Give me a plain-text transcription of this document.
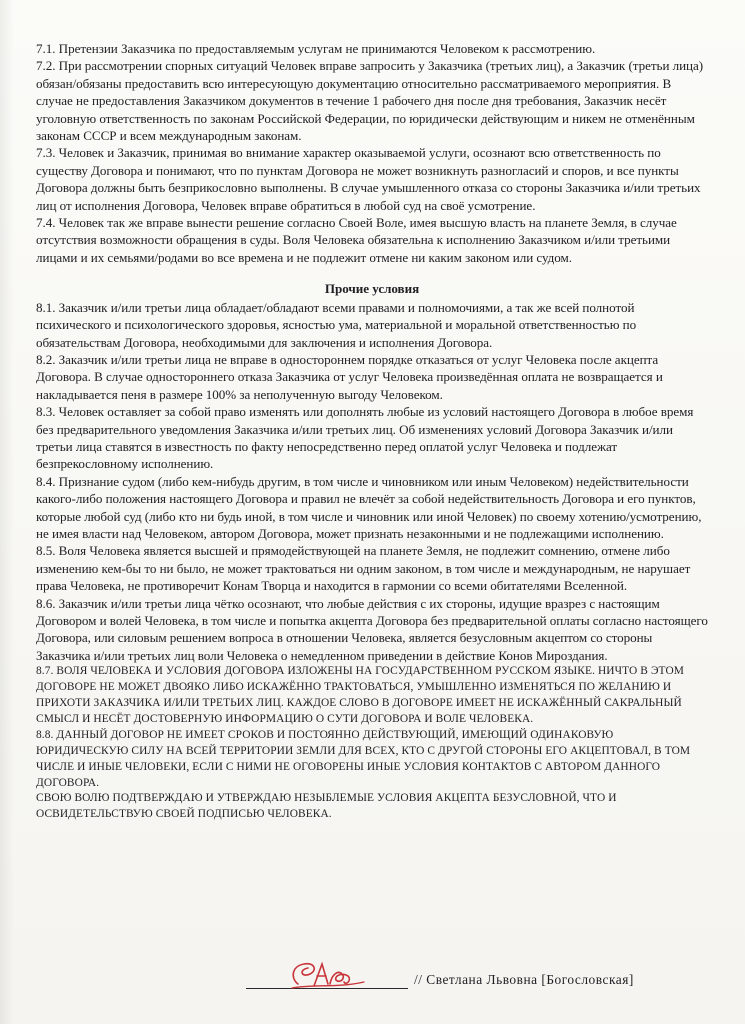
7.1. Претензии Заказчика по предоставляемым услугам не принимаются Человеком к рассмотрению.

7.2. При рассмотрении спорных ситуаций Человек вправе запросить у Заказчика (третьих лиц), а Заказчик (третьи лица) обязан/обязаны предоставить всю интересующую документацию относительно рассматриваемого мероприятия. В случае не предоставления Заказчиком документов в течение 1 рабочего дня после дня требования, Заказчик несёт уголовную ответственность по законам Российской Федерации, по юридически действующим и никем не отменённым законам СССР и всем международным законам.

7.3. Человек и Заказчик, принимая во внимание характер оказываемой услуги, осознают всю ответственность по существу Договора и понимают, что по пунктам Договора не может возникнуть разногласий и споров, и все пункты Договора должны быть безприкословно выполнены. В случае умышленного отказа со стороны Заказчика и/или третьих лиц от исполнения Договора, Человек вправе обратиться в любой суд на своё усмотрение.

7.4. Человек так же вправе вынести решение согласно Своей Воле, имея высшую власть на планете Земля, в случае отсутствия возможности обращения в суды. Воля Человека обязательна к исполнению Заказчиком и/или третьими лицами и их семьями/родами во все времена и не подлежит отмене ни каким законом или судом.

Прочие условия

8.1. Заказчик и/или третьи лица обладает/обладают всеми правами и полномочиями, а так же всей полнотой психического и психологического здоровья, ясностью ума, материальной и моральной ответственностью по обязательствам Договора, необходимыми для заключения и исполнения Договора.

8.2. Заказчик и/или третьи лица не вправе в одностороннем порядке отказаться от услуг Человека после акцепта Договора. В случае одностороннего отказа Заказчика от услуг Человека произведённая оплата не возвращается и накладывается пеня в размере 100% за неполученную выгоду Человеком.

8.3. Человек оставляет за собой право изменять или дополнять любые из условий настоящего Договора в любое время без предварительного уведомления Заказчика и/или третьих лиц. Об изменениях условий Договора Заказчик и/или третьи лица ставятся в известность по факту непосредственно перед оплатой услуг Человека и подлежат безпрекословному исполнению.

8.4. Признание судом (либо кем-нибудь другим, в том числе и чиновником или иным Человеком) недействительности какого-либо положения настоящего Договора и правил не влечёт за собой недействительность Договора и его пунктов, которые любой суд (либо кто ни будь иной, в том числе и чиновник или иной Человек) по своему хотению/усмотрению, не имея власти над Человеком, автором Договора, может признать незаконными и не подлежащими исполнению.

8.5. Воля Человека является высшей и прямодействующей на планете Земля, не подлежит сомнению, отмене либо изменению кем-бы то ни было, не может трактоваться ни одним законом, в том числе и международным, не нарушает права Человека, не противоречит Конам Творца и находится в гармонии со всеми обитателями Вселенной.

8.6. Заказчик и/или третьи лица чётко осознают, что любые действия с их стороны, идущие вразрез с настоящим Договором и волей Человека, в том числе и попытка акцепта Договора без предварительной оплаты согласно настоящего Договора, или силовым решением вопроса в отношении Человека, является безусловным акцептом со стороны Заказчика и/или третьих лиц воли Человека о немедленном приведении в действие Конов Мироздания.

8.7. ВОЛЯ ЧЕЛОВЕКА И УСЛОВИЯ ДОГОВОРА ИЗЛОЖЕНЫ НА ГОСУДАРСТВЕННОМ РУССКОМ ЯЗЫКЕ. НИЧТО В ЭТОМ ДОГОВОРЕ НЕ МОЖЕТ ДВОЯКО ЛИБО ИСКАЖЁННО ТРАКТОВАТЬСЯ, УМЫШЛЕННО ИЗМЕНЯТЬСЯ ПО ЖЕЛАНИЮ И ПРИХОТИ ЗАКАЗЧИКА И/ИЛИ ТРЕТЬИХ ЛИЦ. КАЖДОЕ СЛОВО В ДОГОВОРЕ ИМЕЕТ НЕ ИСКАЖЁННЫЙ САКРАЛЬНЫЙ СМЫСЛ И НЕСЁТ ДОСТОВЕРНУЮ ИНФОРМАЦИЮ О СУТИ ДОГОВОРА И ВОЛЕ ЧЕЛОВЕКА.

8.8. ДАННЫЙ ДОГОВОР НЕ ИМЕЕТ СРОКОВ И ПОСТОЯННО ДЕЙСТВУЮЩИЙ, ИМЕЮЩИЙ ОДИНАКОВУЮ ЮРИДИЧЕСКУЮ СИЛУ НА ВСЕЙ ТЕРРИТОРИИ ЗЕМЛИ ДЛЯ ВСЕХ, КТО С ДРУГОЙ СТОРОНЫ ЕГО АКЦЕПТОВАЛ, В ТОМ ЧИСЛЕ И ИНЫЕ ЧЕЛОВЕКИ, ЕСЛИ С НИМИ НЕ ОГОВОРЕНЫ ИНЫЕ УСЛОВИЯ КОНТАКТОВ С АВТОРОМ ДАННОГО ДОГОВОРА.

СВОЮ ВОЛЮ ПОДТВЕРЖДАЮ И УТВЕРЖДАЮ НЕЗЫБЛЕМЫЕ УСЛОВИЯ АКЦЕПТА БЕЗУСЛОВНОЙ, ЧТО И ОСВИДЕТЕЛЬСТВУЮ СВОЕЙ ПОДПИСЬЮ ЧЕЛОВЕКА.

// Светлана Львовна [Богословская]
